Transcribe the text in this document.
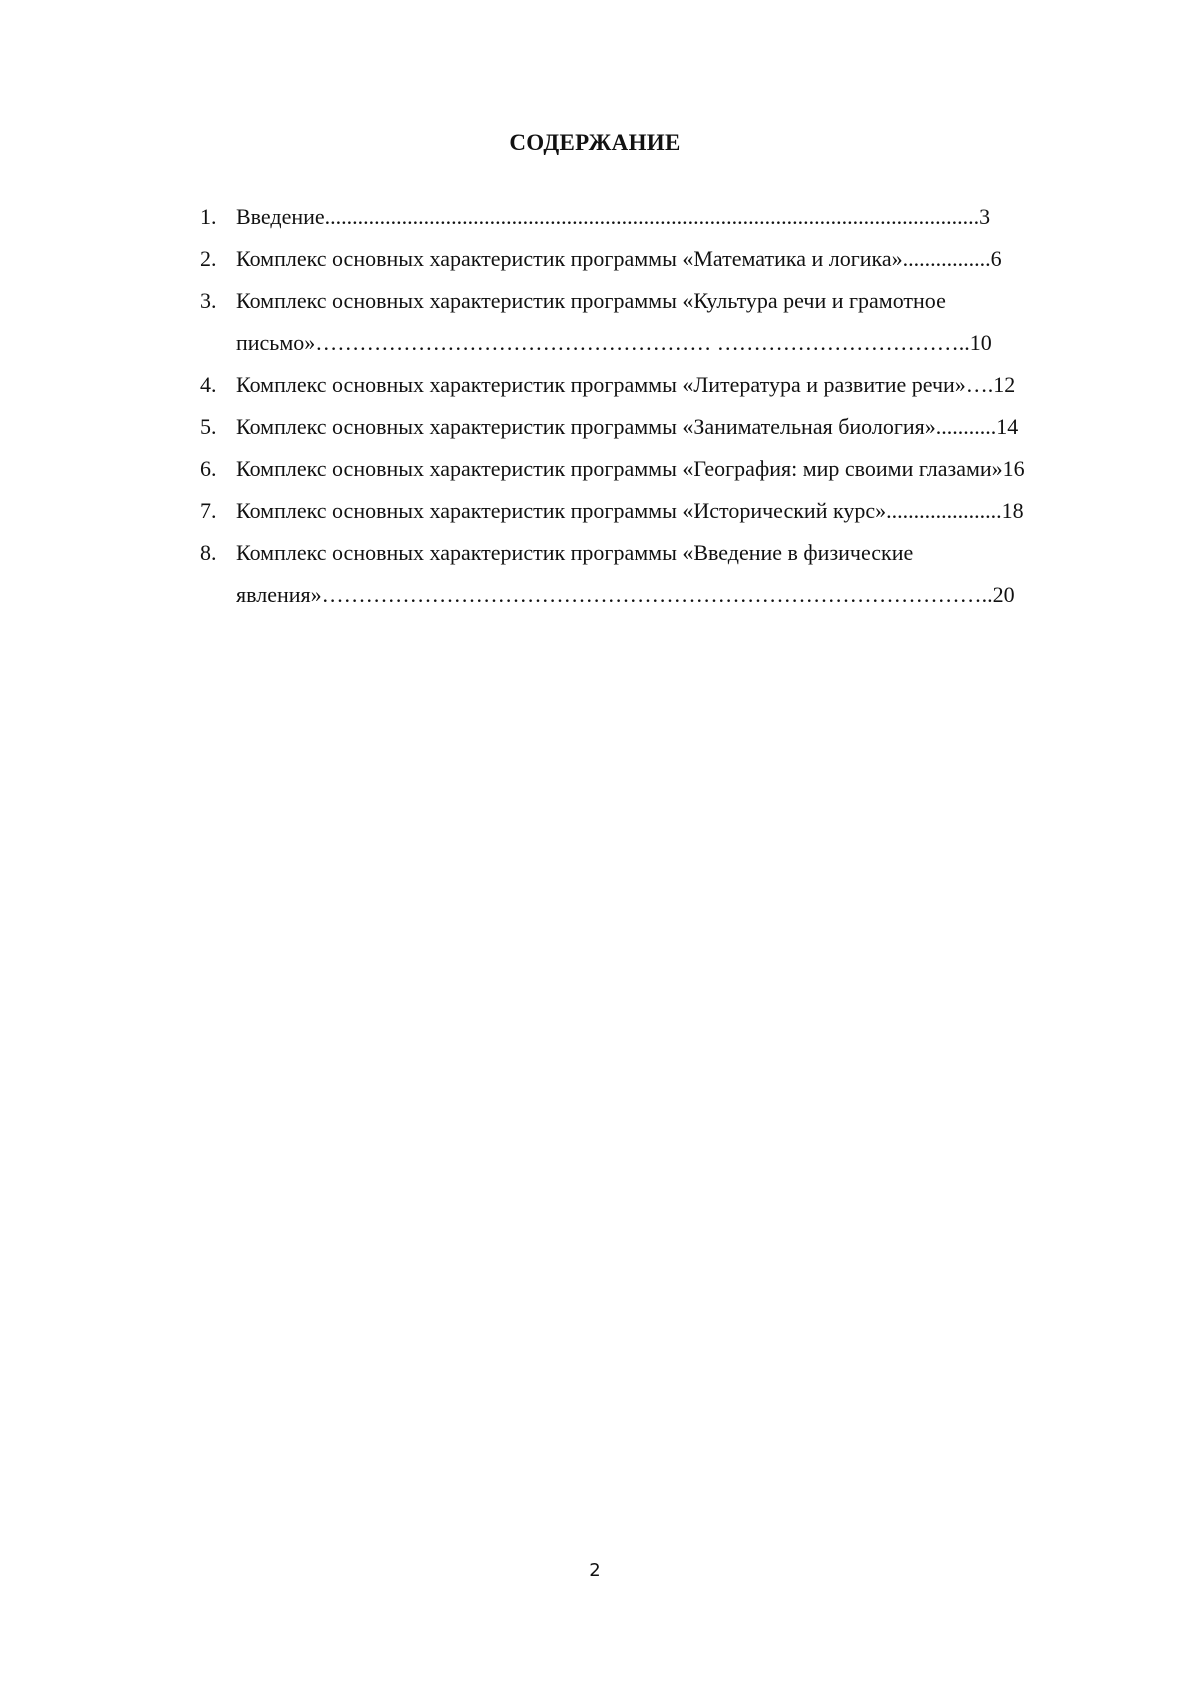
СОДЕРЖАНИЕ
1. Введение.......................................................................................................................3
2. Комплекс основных характеристик программы «Математика и логика»................6
3. Комплекс основных характеристик программы «Культура речи и грамотное
письмо»……………………………………………… ……………………………..10
4. Комплекс основных характеристик программы «Литература и развитие речи»….12
5. Комплекс основных характеристик программы «Занимательная биология»...........14
6. Комплекс основных характеристик программы «География: мир своими глазами»16
7. Комплекс основных характеристик программы «Исторический курс».....................18
8. Комплекс основных характеристик программы «Введение в физические
явления»………………………………………………………………………………..20
2
